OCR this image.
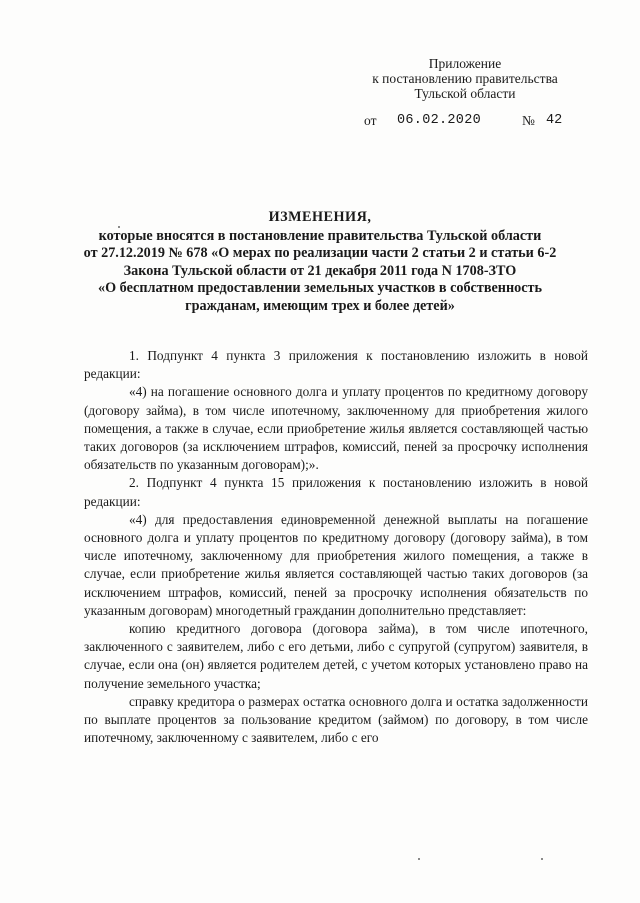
Приложение
к постановлению правительства
Тульской области
от 06.02.2020	№ 42
ИЗМЕНЕНИЯ,
которые вносятся в постановление правительства Тульской области
от 27.12.2019 № 678 «О мерах по реализации части 2 статьи 2 и статьи 6-2
Закона Тульской области от 21 декабря 2011 года N 1708-ЗТО
«О бесплатном предоставлении земельных участков в собственность
гражданам, имеющим трех и более детей»

1. Подпункт 4 пункта 3 приложения к постановлению изложить в новой редакции:

«4) на погашение основного долга и уплату процентов по кредитному договору (договору займа), в том числе ипотечному, заключенному для приобретения жилого помещения, а также в случае, если приобретение жилья является составляющей частью таких договоров (за исключением штрафов, комиссий, пеней за просрочку исполнения обязательств по указанным договорам);».

2. Подпункт 4 пункта 15 приложения к постановлению изложить в новой редакции:

«4) для предоставления единовременной денежной выплаты на погашение основного долга и уплату процентов по кредитному договору (договору займа), в том числе ипотечному, заключенному для приобретения жилого помещения, а также в случае, если приобретение жилья является составляющей частью таких договоров (за исключением штрафов, комиссий, пеней за просрочку исполнения обязательств по указанным договорам) многодетный гражданин дополнительно представляет:

копию кредитного договора (договора займа), в том числе ипотечного, заключенного с заявителем, либо с его детьми, либо с супругой (супругом) заявителя, в случае, если она (он) является родителем детей, с учетом которых установлено право на получение земельного участка;

справку кредитора о размерах остатка основного долга и остатка задолженности по выплате процентов за пользование кредитом (займом) по договору, в том числе ипотечному, заключенному с заявителем, либо с его
